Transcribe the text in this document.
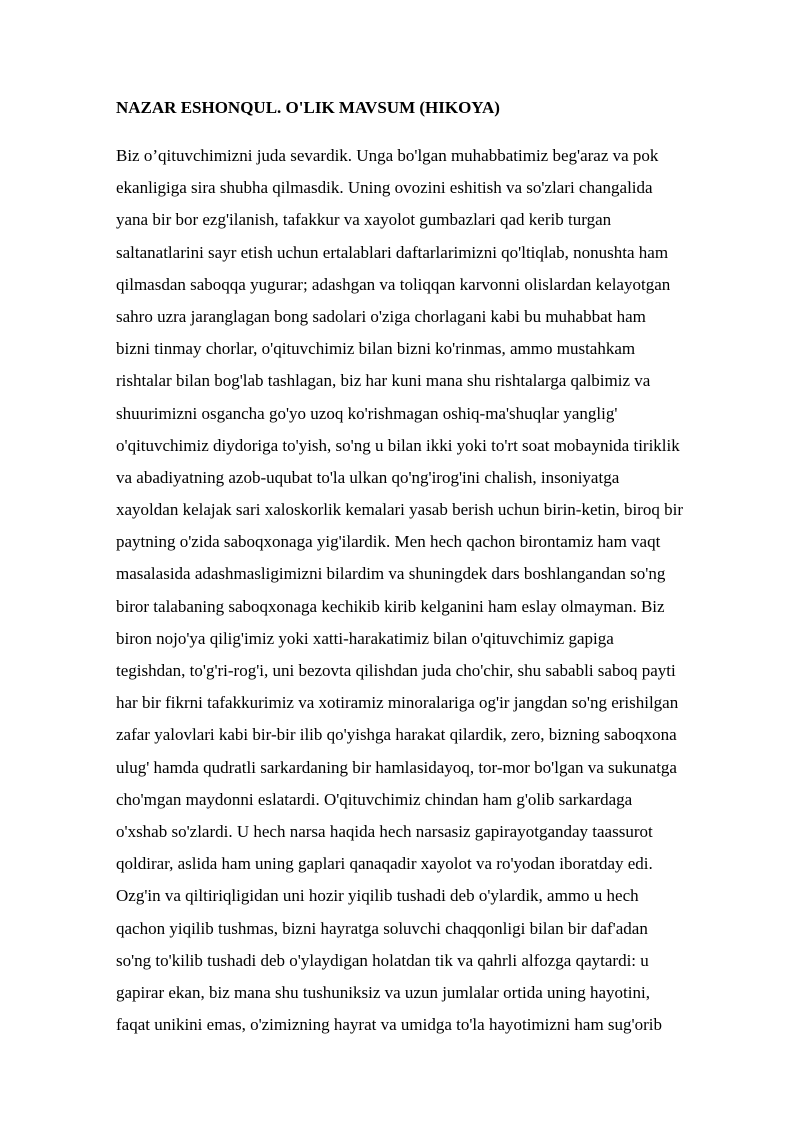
NAZAR ESHONQUL. O'LIK MAVSUM (HIKOYA)
Biz o’qituvchimizni juda sevardik. Unga bo'lgan muhabbatimiz beg'araz va pok
ekanligiga sira shubha qilmasdik. Uning ovozini eshitish va so'zlari changalida
yana bir bor ezg'ilanish, tafakkur va xayolot gumbazlari qad kerib turgan
saltanatlarini sayr etish uchun ertalablari daftarlarimizni qo'ltiqlab, nonushta ham
qilmasdan saboqqa yugurar; adashgan va toliqqan karvonni olislardan kelayotgan
sahro uzra jaranglagan bong sadolari o'ziga chorlagani kabi bu muhabbat ham
bizni tinmay chorlar, o'qituvchimiz bilan bizni ko'rinmas, ammo mustahkam
rishtalar bilan bog'lab tashlagan, biz har kuni mana shu rishtalarga qalbimiz va
shuurimizni osgancha go'yo uzoq ko'rishmagan oshiq-ma'shuqlar yanglig'
o'qituvchimiz diydoriga to'yish, so'ng u bilan ikki yoki to'rt soat mobaynida tiriklik
va abadiyatning azob-uqubat to'la ulkan qo'ng'irog'ini chalish, insoniyatga
xayoldan kelajak sari xaloskorlik kemalari yasab berish uchun birin-ketin, biroq bir
paytning o'zida saboqxonaga yig'ilardik. Men hech qachon birontamiz ham vaqt
masalasida adashmasligimizni bilardim va shuningdek dars boshlangandan so'ng
biror talabaning saboqxonaga kechikib kirib kelganini ham eslay olmayman. Biz
biron nojo'ya qilig'imiz yoki xatti-harakatimiz bilan o'qituvchimiz gapiga
tegishdan, to'g'ri-rog'i, uni bezovta qilishdan juda cho'chir, shu sababli saboq payti
har bir fikrni tafakkurimiz va xotiramiz minoralariga og'ir jangdan so'ng erishilgan
zafar yalovlari kabi bir-bir ilib qo'yishga harakat qilardik, zero, bizning saboqxona
ulug' hamda qudratli sarkardaning bir hamlasidayoq, tor-mor bo'lgan va sukunatga
cho'mgan maydonni eslatardi. O'qituvchimiz chindan ham g'olib sarkardaga
o'xshab so'zlardi. U hech narsa haqida hech narsasiz gapirayotganday taassurot
qoldirar, aslida ham uning gaplari qanaqadir xayolot va ro'yodan iboratday edi.
Ozg'in va qiltiriqligidan uni hozir yiqilib tushadi deb o'ylardik, ammo u hech
qachon yiqilib tushmas, bizni hayratga soluvchi chaqqonligi bilan bir daf'adan
so'ng to'kilib tushadi deb o'ylaydigan holatdan tik va qahrli alfozga qaytardi: u
gapirar ekan, biz mana shu tushuniksiz va uzun jumlalar ortida uning hayotini,
faqat unikini emas, o'zimizning hayrat va umidga to'la hayotimizni ham sug'orib
